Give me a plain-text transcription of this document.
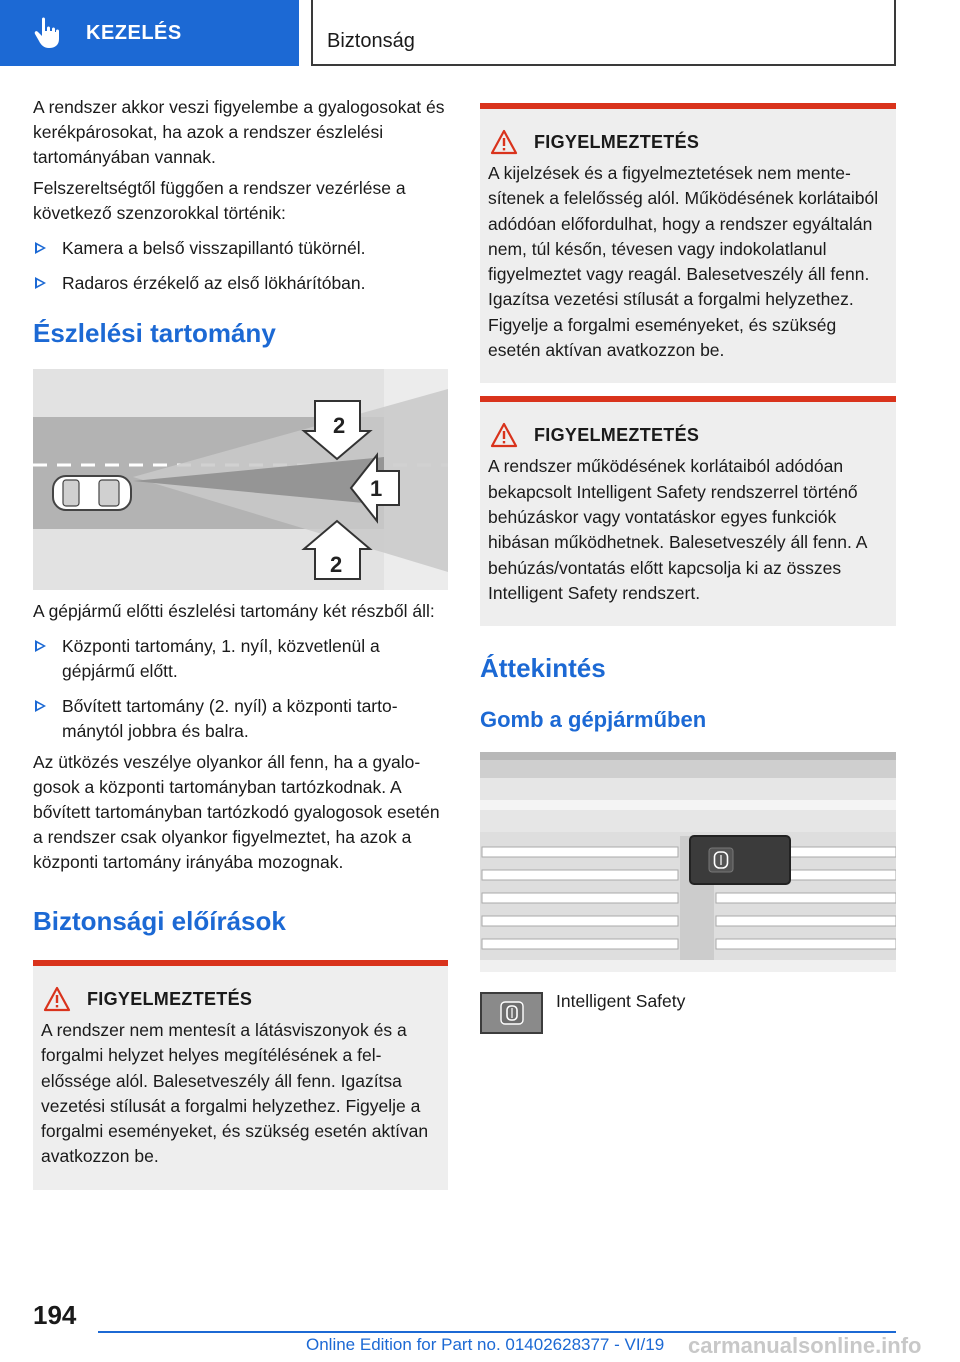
KEZELÉS	Biztonság

A rendszer akkor veszi figyelembe a gyalogosokat és kerékpárosokat, ha azok a rendszer észlelési tartományában vannak.

Felszereltségtől függően a rendszer vezérlése a következő szenzorokkal történik:

Kamera a belső visszapillantó tükörnél.
Radaros érzékelő az első lökhárítóban.
Észlelési tartomány
2
1
2

A gépjármű előtti észlelési tartomány két részből áll:

Központi tartomány, 1. nyíl, közvetlenül a gépjármű előtt.
Bővített tartomány (2. nyíl) a központi tartománytól jobbra és balra.

Az ütközés veszélye olyankor áll fenn, ha a gyalogosok a központi tartományban tartózkodnak. A bővített tartományban tartózkodó gyalogosok esetén a rendszer csak olyankor figyelmeztet, ha azok a központi tartomány irányába mozognak.

Biztonsági előírások
FIGYELMEZTETÉS

A rendszer nem mentesít a látásviszonyok és a forgalmi helyzet helyes megítélésének a felelőssége alól. Balesetveszély áll fenn. Igazítsa vezetési stílusát a forgalmi helyzethez. Figyelje a forgalmi eseményeket, és szükség esetén aktívan avatkozzon be.

FIGYELMEZTETÉS

A kijelzések és a figyelmeztetések nem mentesítenek a felelősség alól. Működésének korlátaiból adódóan előfordulhat, hogy a rendszer egyáltalán nem, túl későn, tévesen vagy indokolatlanul figyelmeztet vagy reagál. Balesetveszély áll fenn. Igazítsa vezetési stílusát a forgalmi helyzethez. Figyelje a forgalmi eseményeket, és szükség esetén aktívan avatkozzon be.

FIGYELMEZTETÉS

A rendszer működésének korlátaiból adódóan bekapcsolt Intelligent Safety rendszerrel történő behúzáskor vagy vontatáskor egyes funkciók hibásan működhetnek. Balesetveszély áll fenn. A behúzás/vontatás előtt kapcsolja ki az összes Intelligent Safety rendszert.

Áttekintés
Gomb a gépjárműben
Intelligent Safety
194
Online Edition for Part no. 01402628377 - VI/19 carmanualsonline.info
